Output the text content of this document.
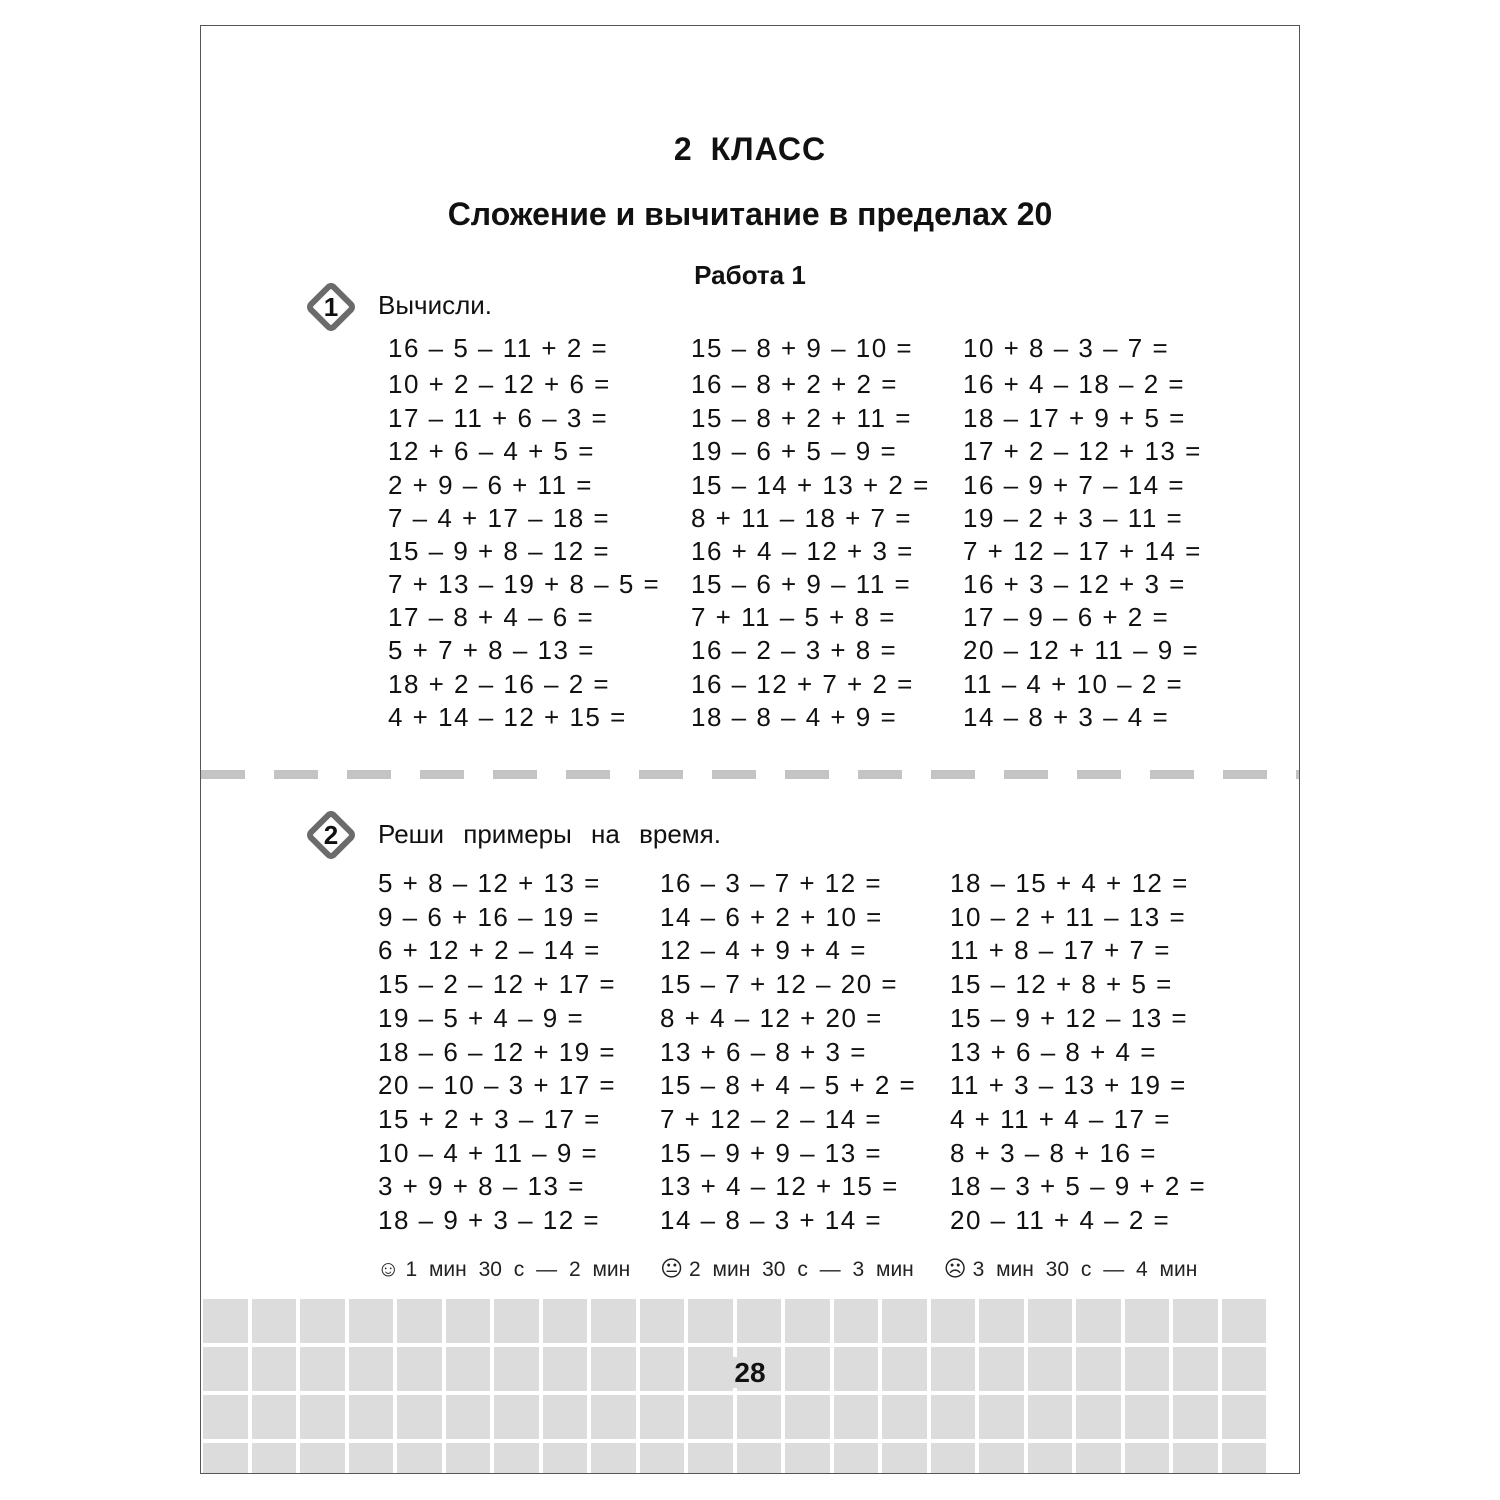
2 КЛАСС
Сложение и вычитание в пределах 20
Работа 1
1	Вычисли.
16 – 5 – 11 + 2 =
10 + 2 – 12 + 6 =
17 – 11 + 6 – 3 =
12 + 6 – 4 + 5 =
2 + 9 – 6 + 11 =
7 – 4 + 17 – 18 =
15 – 9 + 8 – 12 =
7 + 13 – 19 + 8 – 5 =
17 – 8 + 4 – 6 =
5 + 7 + 8 – 13 =
18 + 2 – 16 – 2 =
4 + 14 – 12 + 15 =
15 – 8 + 9 – 10 =
16 – 8 + 2 + 2 =
15 – 8 + 2 + 11 =
19 – 6 + 5 – 9 =
15 – 14 + 13 + 2 =
8 + 11 – 18 + 7 =
16 + 4 – 12 + 3 =
15 – 6 + 9 – 11 =
7 + 11 – 5 + 8 =
16 – 2 – 3 + 8 =
16 – 12 + 7 + 2 =
18 – 8 – 4 + 9 =
10 + 8 – 3 – 7 =
16 + 4 – 18 – 2 =
18 – 17 + 9 + 5 =
17 + 2 – 12 + 13 =
16 – 9 + 7 – 14 =
19 – 2 + 3 – 11 =
7 + 12 – 17 + 14 =
16 + 3 – 12 + 3 =
17 – 9 – 6 + 2 =
20 – 12 + 11 – 9 =
11 – 4 + 10 – 2 =
14 – 8 + 3 – 4 =
2	Реши примеры на время.
5 + 8 – 12 + 13 =
9 – 6 + 16 – 19 =
6 + 12 + 2 – 14 =
15 – 2 – 12 + 17 =
19 – 5 + 4 – 9 =
18 – 6 – 12 + 19 =
20 – 10 – 3 + 17 =
15 + 2 + 3 – 17 =
10 – 4 + 11 – 9 =
3 + 9 + 8 – 13 =
18 – 9 + 3 – 12 =
16 – 3 – 7 + 12 =
14 – 6 + 2 + 10 =
12 – 4 + 9 + 4 =
15 – 7 + 12 – 20 =
8 + 4 – 12 + 20 =
13 + 6 – 8 + 3 =
15 – 8 + 4 – 5 + 2 =
7 + 12 – 2 – 14 =
15 – 9 + 9 – 13 =
13 + 4 – 12 + 15 =
14 – 8 – 3 + 14 =
18 – 15 + 4 + 12 =
10 – 2 + 11 – 13 =
11 + 8 – 17 + 7 =
15 – 12 + 8 + 5 =
15 – 9 + 12 – 13 =
13 + 6 – 8 + 4 =
11 + 3 – 13 + 19 =
4 + 11 + 4 – 17 =
8 + 3 – 8 + 16 =
18 – 3 + 5 – 9 + 2 =
20 – 11 + 4 – 2 =
☺ 1 мин 30 с — 2 мин 😐 2 мин 30 с — 3 мин ☹ 3 мин 30 с — 4 мин
28
